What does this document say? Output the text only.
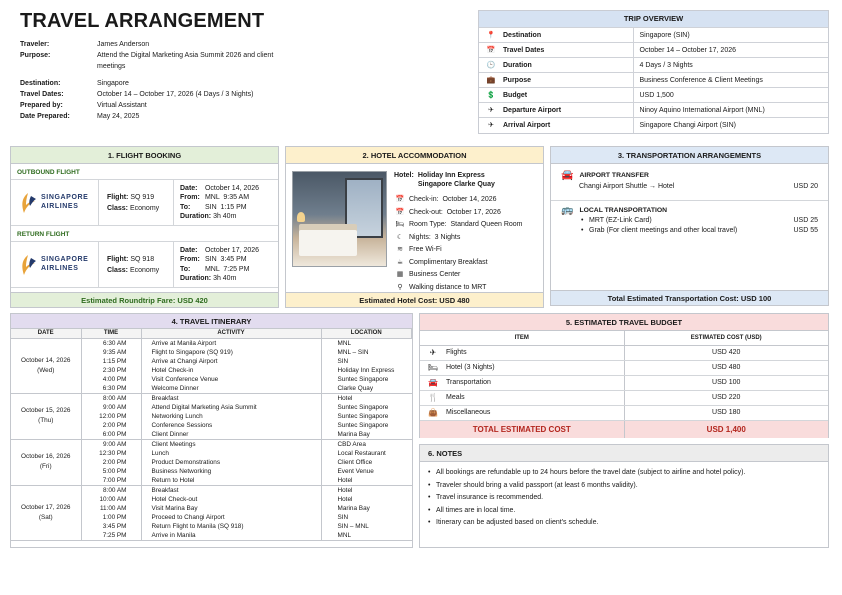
TRAVEL ARRANGEMENT
Traveler:	James Anderson
Purpose:	Attend the Digital Marketing Asia Summit 2026 and client meetings
Destination:	Singapore
Travel Dates:	October 14 – October 17, 2026 (4 Days / 3 Nights)
Prepared by:	Virtual Assistant
Date Prepared:	May 24, 2025
TRIP OVERVIEW
📍	Destination	Singapore (SIN)
📅	Travel Dates	October 14 – October 17, 2026
🕒	Duration	4 Days / 3 Nights
💼	Purpose	Business Conference & Client Meetings
💲	Budget	USD 1,500
✈	Departure Airport	Ninoy Aquino International Airport (MNL)
✈	Arrival Airport	Singapore Changi Airport (SIN)
1. FLIGHT BOOKING
OUTBOUND FLIGHT
SINGAPORE
AIRLINES
Flight: SQ 919
Class: Economy
Date: October 14, 2026
From: MNL  9:35 AM
To: SIN  1:15 PM
Duration: 3h 40m
RETURN FLIGHT
SINGAPORE
AIRLINES
Flight: SQ 918
Class: Economy
Date: October 17, 2026
From: SIN  3:45 PM
To: MNL  7:25 PM
Duration: 3h 40m
Estimated Roundtrip Fare: USD 420
2. HOTEL ACCOMMODATION
Hotel: Holiday Inn Express Singapore Clarke Quay
📅 Check-in:  October 14, 2026
📅 Check-out:  October 17, 2026
🛏 Room Type:  Standard Queen Room
☾ Nights:  3 Nights
≋ Free Wi-Fi
☕ Complimentary Breakfast
▦ Business Center
⚲ Walking distance to MRT
Estimated Hotel Cost: USD 480
3. TRANSPORTATION ARRANGEMENTS
🚘 AIRPORT TRANSFER
Changi Airport Shuttle → Hotel	USD 20
🚌 LOCAL TRANSPORTATION
• MRT (EZ-Link Card)	USD 25
• Grab (For client meetings and other local travel)	USD 55
Total Estimated Transportation Cost: USD 100
4. TRAVEL ITINERARY
DATE	TIME	ACTIVITY	LOCATION

October 14, 2026
(Wed)	6:30 AM	Arrive at Manila Airport	MNL
	9:35 AM	Flight to Singapore (SQ 919)	MNL – SIN
	1:15 PM	Arrive at Changi Airport	SIN
	2:30 PM	Hotel Check-in	Holiday Inn Express
	4:00 PM	Visit Conference Venue	Suntec Singapore
	6:30 PM	Welcome Dinner	Clarke Quay

October 15, 2026
(Thu)	8:00 AM	Breakfast	Hotel
	9:00 AM	Attend Digital Marketing Asia Summit	Suntec Singapore
	12:00 PM	Networking Lunch	Suntec Singapore
	2:00 PM	Conference Sessions	Suntec Singapore
	6:00 PM	Client Dinner	Marina Bay

October 16, 2026
(Fri)	9:00 AM	Client Meetings	CBD Area
	12:30 PM	Lunch	Local Restaurant
	2:00 PM	Product Demonstrations	Client Office
	5:00 PM	Business Networking	Event Venue
	7:00 PM	Return to Hotel	Hotel

October 17, 2026
(Sat)	8:00 AM	Breakfast	Hotel
	10:00 AM	Hotel Check-out	Hotel
	11:00 AM	Visit Marina Bay	Marina Bay
	1:00 PM	Proceed to Changi Airport	SIN
	3:45 PM	Return Flight to Manila (SQ 918)	SIN – MNL
	7:25 PM	Arrive in Manila	MNL
5. ESTIMATED TRAVEL BUDGET
ITEM		ESTIMATED COST (USD)
✈	Flights	USD 420
🛏	Hotel (3 Nights)	USD 480
🚘	Transportation	USD 100
🍴	Meals	USD 220
👜	Miscellaneous	USD 180
TOTAL ESTIMATED COST		USD 1,400
6. NOTES
• All bookings are refundable up to 24 hours before the travel date (subject to airline and hotel policy).
• Traveler should bring a valid passport (at least 6 months validity).
• Travel insurance is recommended.
• All times are in local time.
• Itinerary can be adjusted based on client's schedule.
